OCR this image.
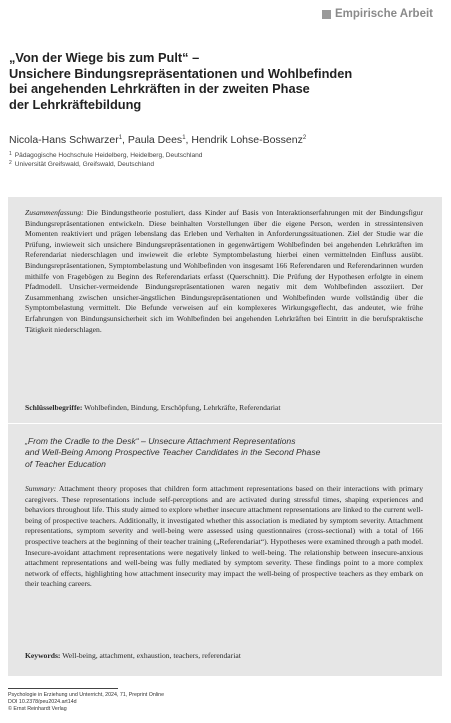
Empirische Arbeit
„Von der Wiege bis zum Pult“ –
Unsichere Bindungsrepräsentationen und Wohlbefinden
bei angehenden Lehrkräften in der zweiten Phase
der Lehrkräftebildung
Nicola-Hans Schwarzer$^1$, Paula Dees$^1$, Hendrik Lohse-Bossenz$^2$
$^1$ Pädagogische Hochschule Heidelberg, Heidelberg, Deutschland
$^2$ Universität Greifswald, Greifswald, Deutschland

Zusammenfassung: Die Bindungstheorie postuliert, dass Kinder auf Basis von Interaktionserfahrungen mit der Bindungsfigur Bindungsrepräsentationen entwickeln. Diese beinhalten Vorstellungen über die eigene Person, werden in stressintensiven Momenten reaktiviert und prägen lebenslang das Erleben und Verhalten in Anforderungssituationen. Ziel der Studie war die Prüfung, inwieweit sich unsichere Bindungsrepräsentationen in gegenwärtigem Wohlbefinden bei angehenden Lehrkräften im Referendariat niederschlagen und inwieweit die erlebte Symptombelastung hierbei einen vermittelnden Einfluss ausübt. Bindungsrepräsentationen, Symptombelastung und Wohlbefinden von insgesamt 166 Referendaren und Referendarinnen wurden mithilfe von Fragebögen zu Beginn des Referendariats erfasst (Querschnitt). Die Prüfung der Hypothesen erfolgte in einem Pfadmodell. Unsicher-vermeidende Bindungsrepräsentationen waren negativ mit dem Wohlbefinden assoziiert. Der Zusammenhang zwischen unsicher-ängstlichen Bindungsrepräsentationen und Wohlbefinden wurde vollständig über die Symptombelastung vermittelt. Die Befunde verweisen auf ein komplexeres Wirkungsgeflecht, das andeutet, wie frühe Erfahrungen von Bindungsunsicherheit sich im Wohlbefinden bei angehenden Lehrkräften bei Eintritt in die berufspraktische Tätigkeit niederschlagen.

Schlüsselbegriffe: Wohlbefinden, Bindung, Erschöpfung, Lehrkräfte, Referendariat
„From the Cradle to the Desk“ – Unsecure Attachment Representations
and Well-Being Among Prospective Teacher Candidates in the Second Phase
of Teacher Education

Summary: Attachment theory proposes that children form attachment representations based on their interactions with primary caregivers. These representations include self-perceptions and are activated during stressful times, shaping experiences and behaviors throughout life. This study aimed to explore whether insecure attachment representations are linked to the current well-being of prospective teachers. Additionally, it investigated whether this association is mediated by symptom severity. Attachment representations, symptom severity and well-being were assessed using questionnaires (cross-sectional) with a total of 166 prospective teachers at the beginning of their teacher training („Referendariat“). Hypotheses were examined through a path model. Insecure-avoidant attachment representations were negatively linked to well-being. The relationship between insecure-anxious attachment representations and well-being was fully mediated by symptom severity. These findings point to a more complex network of effects, highlighting how attachment insecurity may impact the well-being of prospective teachers as they embark on their teaching careers.

Keywords: Well-being, attachment, exhaustion, teachers, referendariat
Psychologie in Erziehung und Unterricht, 2024, 71, Preprint Online
DOI 10.2378/peu2024.art14d
© Ernst Reinhardt Verlag
